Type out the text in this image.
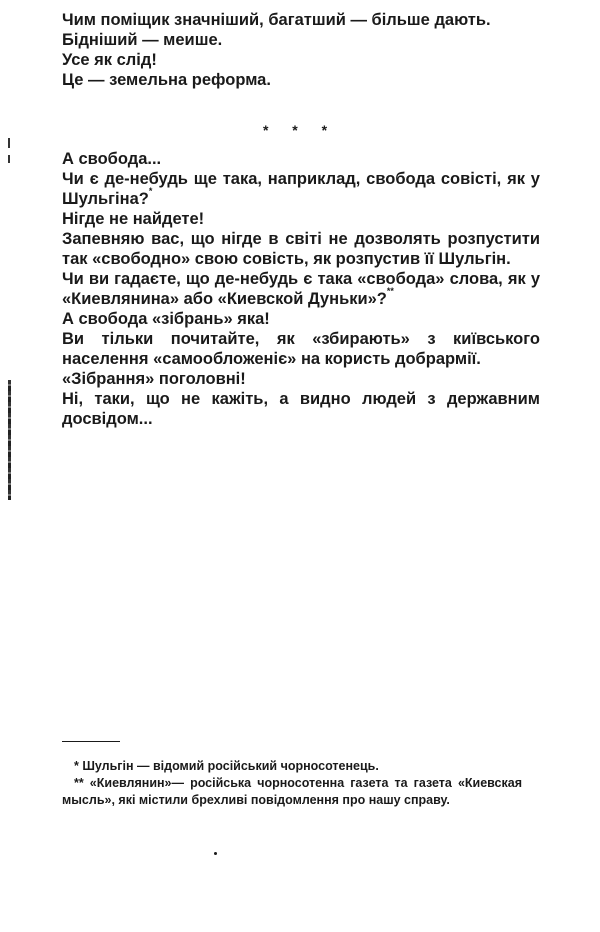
Чим поміщик значніший, багатший — більше дають.

Бідніший — меише.

Усе як слід!

Це — земельна реформа.

* * *

А свобода...

Чи є де-небудь ще така, наприклад, свобода совісті, як у Шульгіна?*

Нігде не найдете!

Запевняю вас, що нігде в світі не дозволять розпустити так «свободно» свою совість, як розпустив її Шульгін.

Чи ви гадаєте, що де-небудь є така «свобода» слова, як у «Киевлянина» або «Киевской Дуньки»?**

А свобода «зібрань» яка!

Ви тільки почитайте, як «збирають» з київського населення «самообложеніє» на користь добрармії.

«Зібрання» поголовні!

Ні, таки, що не кажіть, а видно людей з державним досвідом...

* Шульгін — відомий російський чорносотенець.

** «Киевлянин»— російська чорносотенна газета та газета «Киевская мысль», які містили брехливі повідомлення про нашу справу.
